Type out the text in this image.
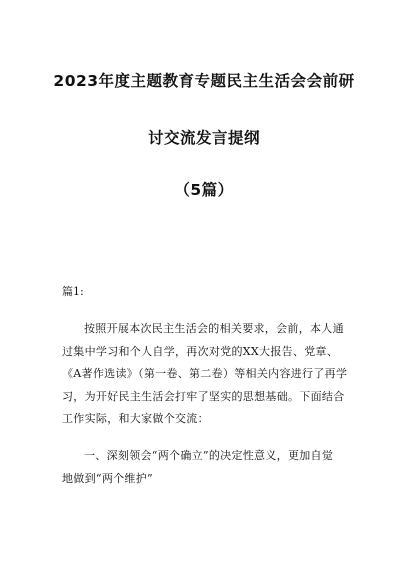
2023年度主题教育专题民主生活会会前研
讨交流发言提纲
（5篇）
篇1:
按照开展本次民主生活会的相关要求，会前，本人通
过集中学习和个人自学，再次对党的XX大报告、党章、
《A著作选读》（第一卷、第二卷）等相关内容进行了再学
习，为开好民主生活会打牢了坚实的思想基础。下面结合
工作实际，和大家做个交流：
一、深刻领会“两个确立”的决定性意义，更加自觉
地做到“两个维护”
